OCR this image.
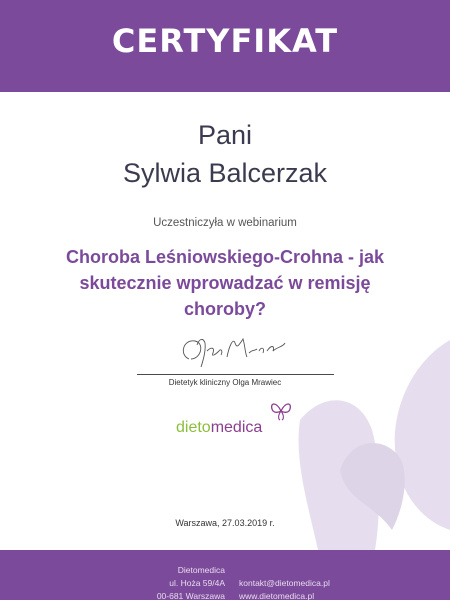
CERTYFIKAT
Pani
Sylwia Balcerzak
Uczestniczyła w webinarium
Choroba Leśniowskiego-Crohna - jak
skutecznie wprowadzać w remisję
choroby?
Dietetyk kliniczny Olga Mrawiec
dietomedica
Warszawa, 27.03.2019 r.
Dietomedica
ul. Hoża 59/4A
00-681 Warszawa
kontakt@dietomedica.pl
www.dietomedica.pl
